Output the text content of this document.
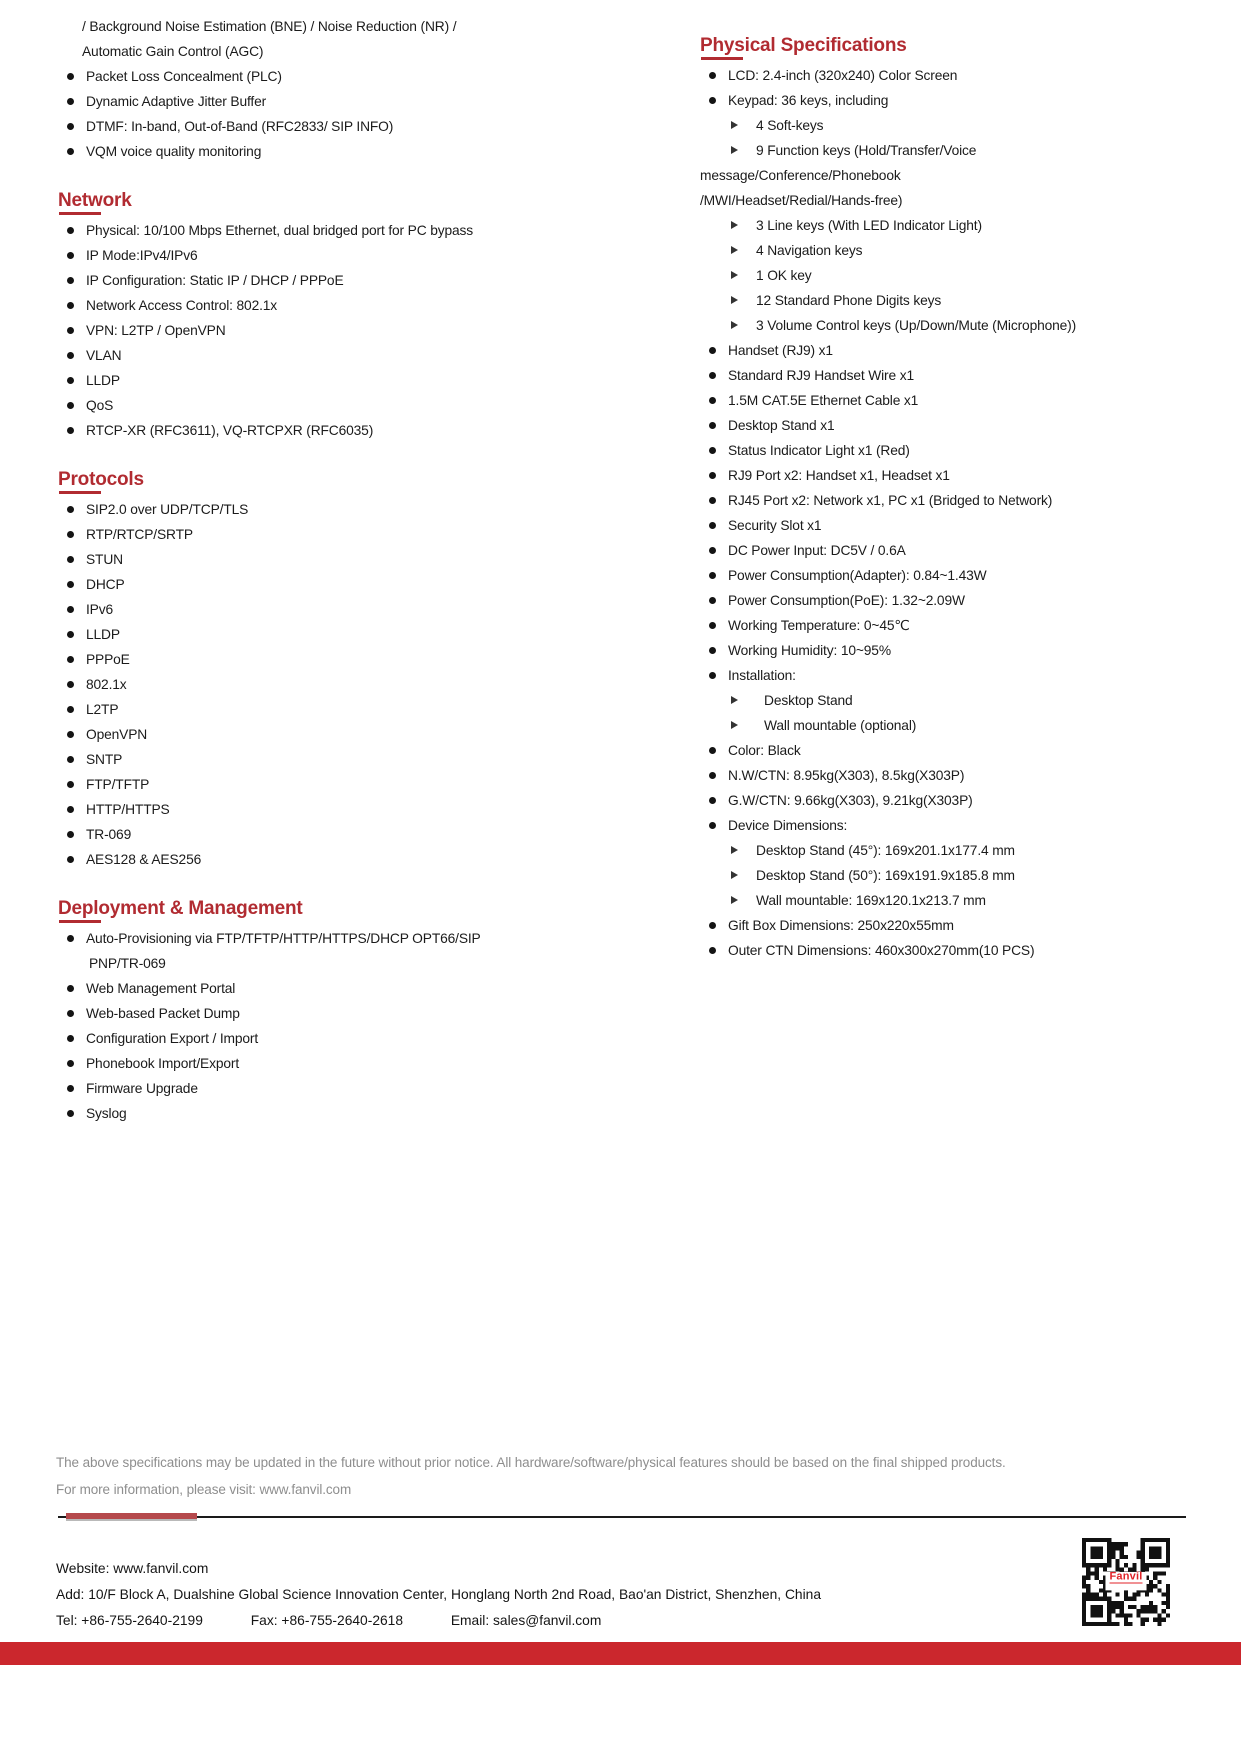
/ Background Noise Estimation (BNE) / Noise Reduction (NR) /
Automatic Gain Control (AGC)
Packet Loss Concealment (PLC)
Dynamic Adaptive Jitter Buffer
DTMF: In-band, Out-of-Band (RFC2833/ SIP INFO)
VQM voice quality monitoring
Network
Physical: 10/100 Mbps Ethernet, dual bridged port for PC bypass
IP Mode:IPv4/IPv6
IP Configuration: Static IP / DHCP / PPPoE
Network Access Control: 802.1x
VPN: L2TP / OpenVPN
VLAN
LLDP
QoS
RTCP-XR (RFC3611), VQ-RTCPXR (RFC6035)
Protocols
SIP2.0 over UDP/TCP/TLS
RTP/RTCP/SRTP
STUN
DHCP
IPv6
LLDP
PPPoE
802.1x
L2TP
OpenVPN
SNTP
FTP/TFTP
HTTP/HTTPS
TR-069
AES128 & AES256
Deployment & Management
Auto-Provisioning via FTP/TFTP/HTTP/HTTPS/DHCP OPT66/SIP
PNP/TR-069
Web Management Portal
Web-based Packet Dump
Configuration Export / Import
Phonebook Import/Export
Firmware Upgrade
Syslog
Physical Specifications
LCD: 2.4-inch (320x240) Color Screen
Keypad: 36 keys, including
4 Soft-keys
9 Function keys (Hold/Transfer/Voice
message/Conference/Phonebook
/MWI/Headset/Redial/Hands-free)
3 Line keys (With LED Indicator Light)
4 Navigation keys
1 OK key
12 Standard Phone Digits keys
3 Volume Control keys (Up/Down/Mute (Microphone))
Handset (RJ9) x1
Standard RJ9 Handset Wire x1
1.5M CAT.5E Ethernet Cable x1
Desktop Stand x1
Status Indicator Light x1 (Red)
RJ9 Port x2: Handset x1, Headset x1
RJ45 Port x2: Network x1, PC x1 (Bridged to Network)
Security Slot x1
DC Power Input: DC5V / 0.6A
Power Consumption(Adapter): 0.84~1.43W
Power Consumption(PoE): 1.32~2.09W
Working Temperature: 0~45℃
Working Humidity: 10~95%
Installation:
Desktop Stand
Wall mountable (optional)
Color: Black
N.W/CTN: 8.95kg(X303), 8.5kg(X303P)
G.W/CTN: 9.66kg(X303), 9.21kg(X303P)
Device Dimensions:
Desktop Stand (45°): 169x201.1x177.4 mm
Desktop Stand (50°): 169x191.9x185.8 mm
Wall mountable: 169x120.1x213.7 mm
Gift Box Dimensions: 250x220x55mm
Outer CTN Dimensions: 460x300x270mm(10 PCS)
The above specifications may be updated in the future without prior notice. All hardware/software/physical features should be based on the final shipped products.
For more information, please visit: www.fanvil.com
Website: www.fanvil.com
Add: 10/F Block A, Dualshine Global Science Innovation Center, Honglang North 2nd Road, Bao'an District, Shenzhen, China
Tel: +86-755-2640-2199	Fax: +86-755-2640-2618	Email: sales@fanvil.com
Fanvil
